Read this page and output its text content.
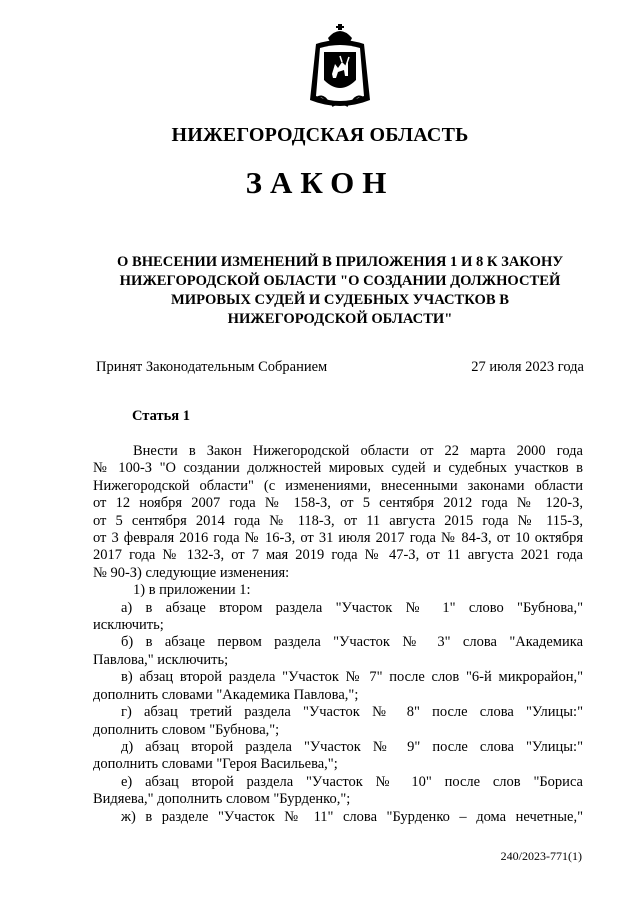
НИЖЕГОРОДСКАЯ ОБЛАСТЬ
ЗАКОН
О ВНЕСЕНИИ ИЗМЕНЕНИЙ В ПРИЛОЖЕНИЯ 1 И 8 К ЗАКОНУ
НИЖЕГОРОДСКОЙ ОБЛАСТИ "О СОЗДАНИИ ДОЛЖНОСТЕЙ
МИРОВЫХ СУДЕЙ И СУДЕБНЫХ УЧАСТКОВ В
НИЖЕГОРОДСКОЙ ОБЛАСТИ"
Принят Законодательным Собранием	27 июля 2023 года
Статья 1
Внести в Закон Нижегородской области от 22 марта 2000 года
№ 100-З "О создании должностей мировых судей и судебных участков в
Нижегородской области" (с изменениями, внесенными законами области
от 12 ноября 2007 года № 158-З, от 5 сентября 2012 года № 120-З,
от 5 сентября 2014 года № 118-З, от 11 августа 2015 года № 115-З,
от 3 февраля 2016 года № 16-З, от 31 июля 2017 года № 84-З, от 10 октября
2017 года № 132-З, от 7 мая 2019 года № 47-З, от 11 августа 2021 года
№ 90-З) следующие изменения:
1) в приложении 1:
а) в абзаце втором раздела "Участок № 1" слово "Бубнова,"
исключить;
б) в абзаце первом раздела "Участок № 3" слова "Академика
Павлова," исключить;
в) абзац второй раздела "Участок № 7" после слов "6-й микрорайон,"
дополнить словами "Академика Павлова,";
г) абзац третий раздела "Участок № 8" после слова "Улицы:"
дополнить словом "Бубнова,";
д) абзац второй раздела "Участок № 9" после слова "Улицы:"
дополнить словами "Героя Васильева,";
е) абзац второй раздела "Участок № 10" после слов "Бориса
Видяева," дополнить словом "Бурденко,";
ж) в разделе "Участок № 11" слова "Бурденко – дома нечетные,"
240/2023-771(1)
